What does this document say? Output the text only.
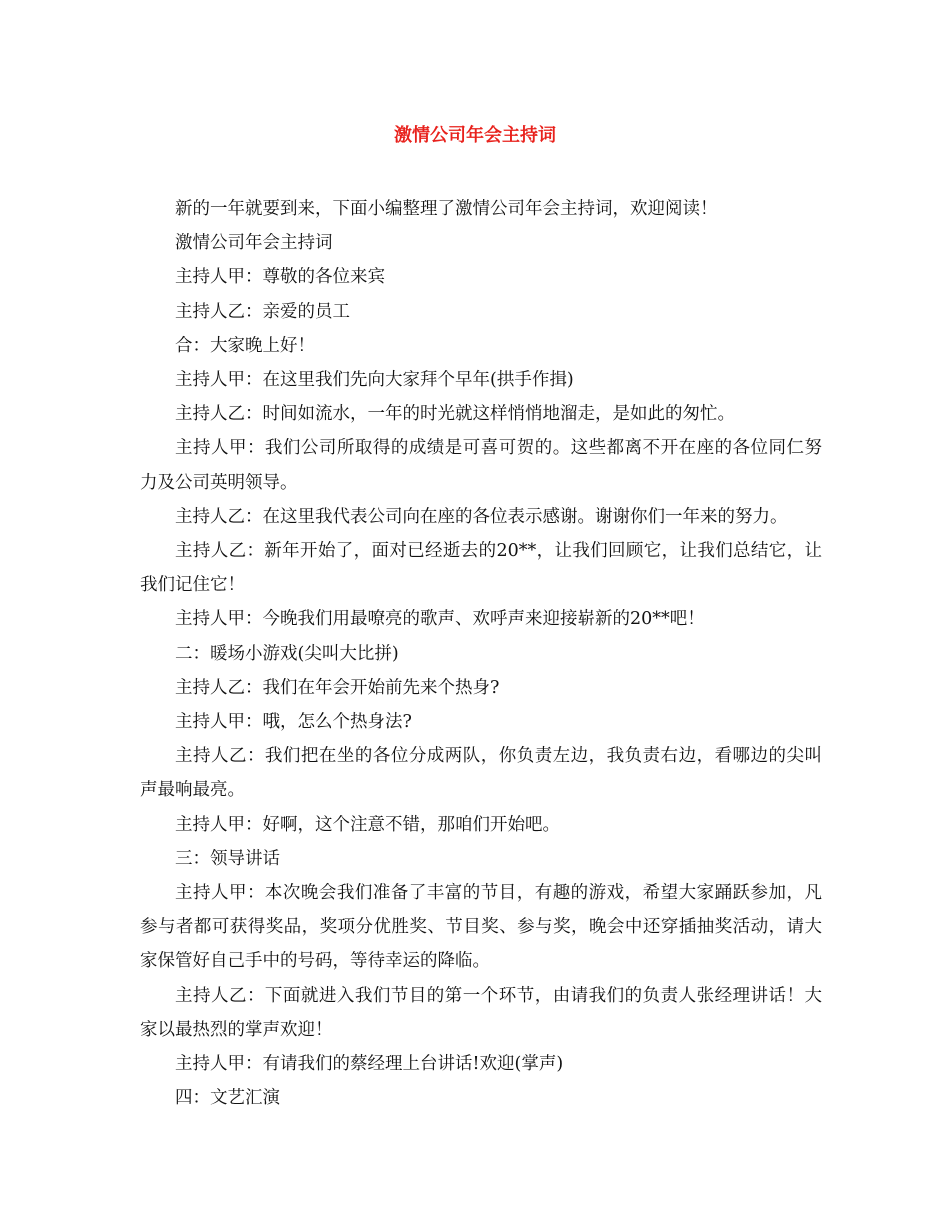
激情公司年会主持词

新的一年就要到来，下面小编整理了激情公司年会主持词，欢迎阅读！

激情公司年会主持词

主持人甲：尊敬的各位来宾

主持人乙：亲爱的员工

合：大家晚上好！

主持人甲：在这里我们先向大家拜个早年(拱手作揖)

主持人乙：时间如流水，一年的时光就这样悄悄地溜走，是如此的匆忙。

主持人甲：我们公司所取得的成绩是可喜可贺的。这些都离不开在座的各位同仁努力及公司英明领导。

主持人乙：在这里我代表公司向在座的各位表示感谢。谢谢你们一年来的努力。

主持人乙：新年开始了，面对已经逝去的20**，让我们回顾它，让我们总结它，让我们记住它！

主持人甲：今晚我们用最嘹亮的歌声、欢呼声来迎接崭新的20**吧！

二：暖场小游戏(尖叫大比拼)

主持人乙：我们在年会开始前先来个热身?

主持人甲：哦，怎么个热身法?

主持人乙：我们把在坐的各位分成两队，你负责左边，我负责右边，看哪边的尖叫声最响最亮。

主持人甲：好啊，这个注意不错，那咱们开始吧。

三：领导讲话

主持人甲：本次晚会我们准备了丰富的节目，有趣的游戏，希望大家踊跃参加，凡参与者都可获得奖品，奖项分优胜奖、节目奖、参与奖，晚会中还穿插抽奖活动，请大家保管好自己手中的号码，等待幸运的降临。

主持人乙：下面就进入我们节目的第一个环节，由请我们的负责人张经理讲话！大家以最热烈的掌声欢迎！

主持人甲：有请我们的蔡经理上台讲话!欢迎(掌声)

四：文艺汇演
